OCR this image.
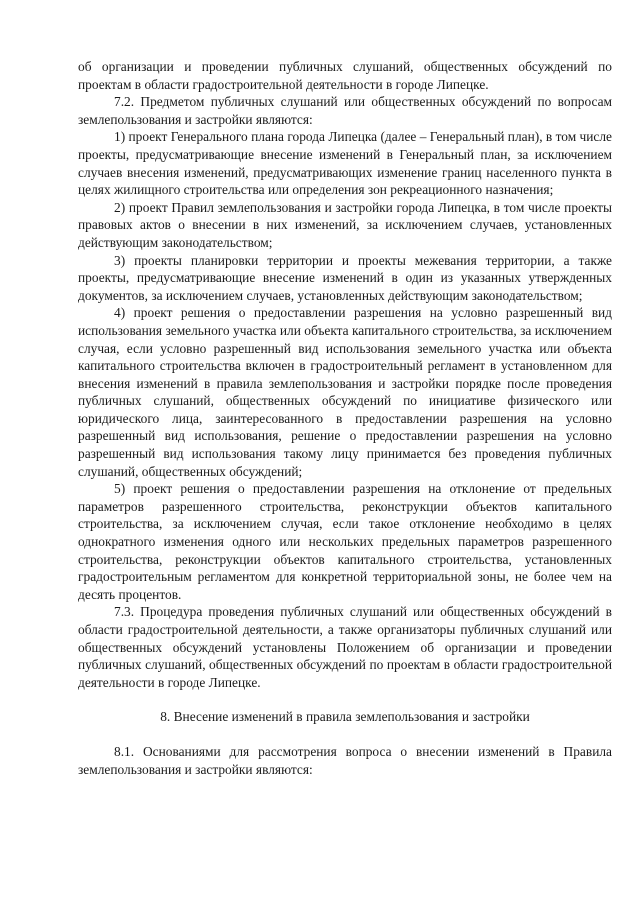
об организации и проведении публичных слушаний, общественных обсуждений по проектам в области градостроительной деятельности в городе Липецке.

7.2. Предметом публичных слушаний или общественных обсуждений по вопросам землепользования и застройки являются:

1) проект Генерального плана города Липецка (далее – Генеральный план), в том числе проекты, предусматривающие внесение изменений в Генеральный план, за исключением случаев внесения изменений, предусматривающих изменение границ населенного пункта в целях жилищного строительства или определения зон рекреационного назначения;

2) проект Правил землепользования и застройки города Липецка, в том числе проекты правовых актов о внесении в них изменений, за исключением случаев, установленных действующим законодательством;

3) проекты планировки территории и проекты межевания территории, а также проекты, предусматривающие внесение изменений в один из указанных утвержденных документов, за исключением случаев, установленных действующим законодательством;

4) проект решения о предоставлении разрешения на условно разрешенный вид использования земельного участка или объекта капитального строительства, за исключением случая, если условно разрешенный вид использования земельного участка или объекта капитального строительства включен в градостроительный регламент в установленном для внесения изменений в правила землепользования и застройки порядке после проведения публичных слушаний, общественных обсуждений по инициативе физического или юридического лица, заинтересованного в предоставлении разрешения на условно разрешенный вид использования, решение о предоставлении разрешения на условно разрешенный вид использования такому лицу принимается без проведения публичных слушаний, общественных обсуждений;

5) проект решения о предоставлении разрешения на отклонение от предельных параметров разрешенного строительства, реконструкции объектов капитального строительства, за исключением случая, если такое отклонение необходимо в целях однократного изменения одного или нескольких предельных параметров разрешенного строительства, реконструкции объектов капитального строительства, установленных градостроительным регламентом для конкретной территориальной зоны, не более чем на десять процентов.

7.3. Процедура проведения публичных слушаний или общественных обсуждений в области градостроительной деятельности, а также организаторы публичных слушаний или общественных обсуждений установлены Положением об организации и проведении публичных слушаний, общественных обсуждений по проектам в области градостроительной деятельности в городе Липецке.

8. Внесение изменений в правила землепользования и застройки

8.1. Основаниями для рассмотрения вопроса о внесении изменений в Правила землепользования и застройки являются:
